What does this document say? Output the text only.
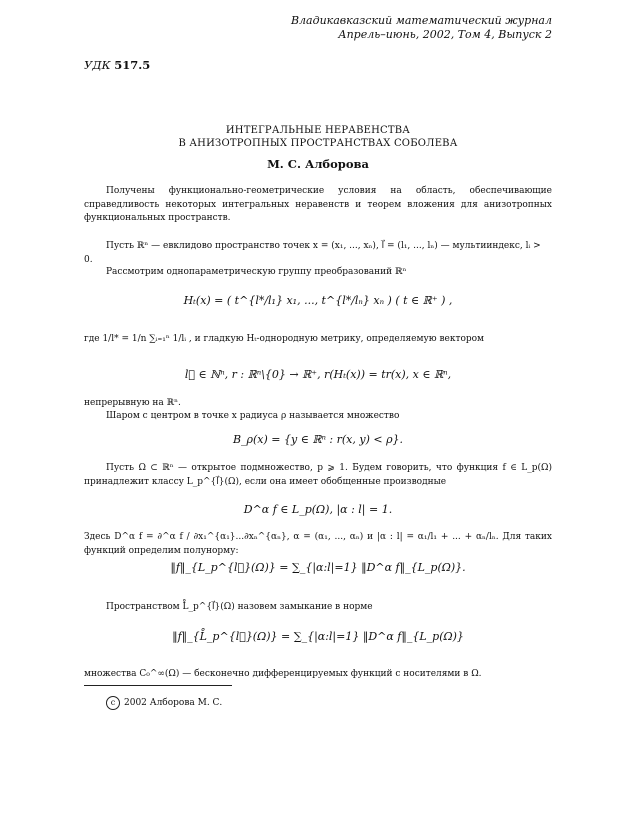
Владикавказский математический журнал
Апрель–июнь, 2002, Том 4, Выпуск 2
УДК 517.5
ИНТЕГРАЛЬНЫЕ НЕРАВЕНСТВА
В АНИЗОТРОПНЫХ ПРОСТРАНСТВАХ СОБОЛЕВА
М. С. Алборова
Получены функционально-геометрические условия на область, обеспечивающие справедливость некоторых интегральных неравенств и теорем вложения для анизотропных функциональных пространств.
Пусть ℝⁿ — евклидово пространство точек x = (x₁, ..., xₙ), l⃗ = (l₁, ..., lₙ) — мультииндекс, lᵢ > 0.
Рассмотрим однопараметрическую группу преобразований ℝⁿ
Hₜ(x) = ( t^{l*/l₁} x₁, ..., t^{l*/lₙ} xₙ ) ( t ∈ ℝ⁺ ) ,
где 1/l* = 1/n ∑ᵢ₌₁ⁿ 1/lᵢ , и гладкую Hₜ-однородную метрику, определяемую вектором
l⃗ ∈ ℕⁿ, r : ℝⁿ\{0} → ℝ⁺, r(Hₜ(x)) = tr(x), x ∈ ℝⁿ,
непрерывную на ℝⁿ.
Шаром с центром в точке x радиуса ρ называется множество
B_ρ(x) = {y ∈ ℝⁿ : r(x, y) < ρ}.
Пусть Ω ⊂ ℝⁿ — открытое подмножество, p ⩾ 1. Будем говорить, что функция f ∈ L_p(Ω) принадлежит классу L_p^{l⃗}(Ω), если она имеет обобщенные производные
D^α f ∈ L_p(Ω), |α : l| = 1.
Здесь D^α f = ∂^α f / ∂x₁^{α₁}...∂xₙ^{αₙ}, α = (α₁, ..., αₙ) и |α : l| = α₁/l₁ + ... + αₙ/lₙ. Для таких функций определим полунорму:
‖f‖_{L_p^{l⃗}(Ω)} = ∑_{|α:l|=1} ‖D^α f‖_{L_p(Ω)}.
Пространством L̊_p^{l⃗}(Ω) назовем замыкание в норме
‖f‖_{L̊_p^{l⃗}(Ω)} = ∑_{|α:l|=1} ‖D^α f‖_{L_p(Ω)}
множества C₀^∞(Ω) — бесконечно дифференцируемых функций с носителями в Ω.
c 2002 Алборова М. С.
